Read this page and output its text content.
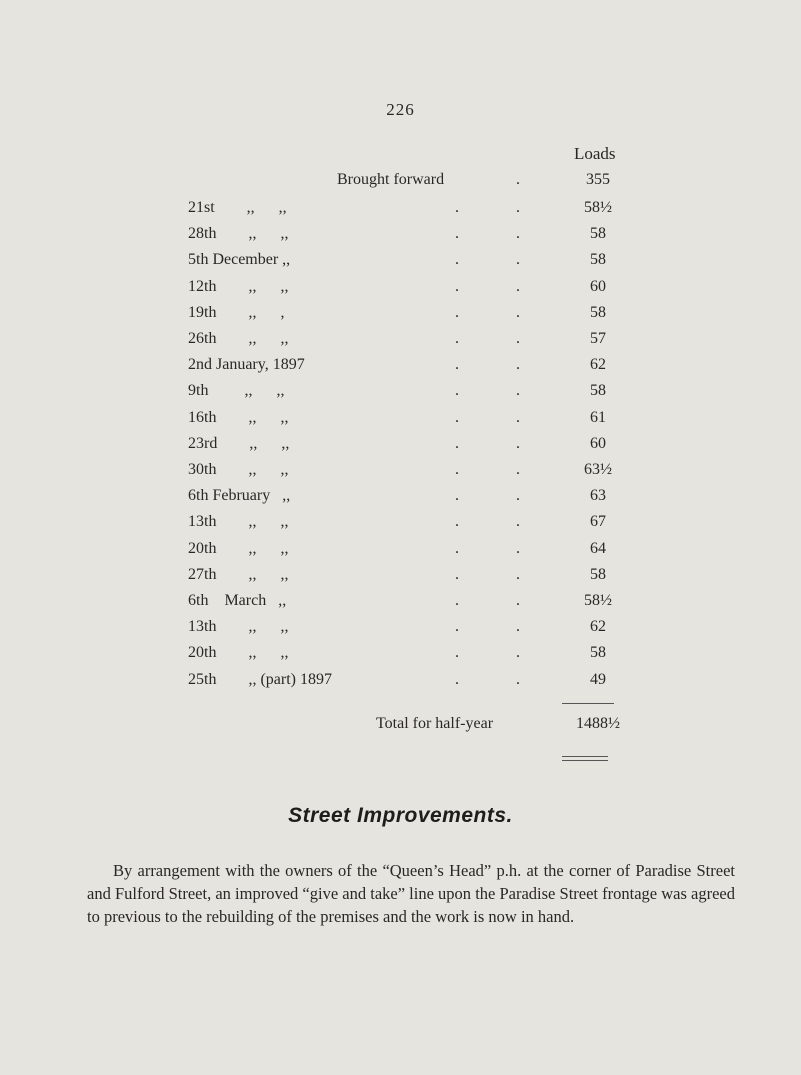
226
Loads
Brought forward	.	355
21st        ,,      ,,	.	.	58½
28th        ,,      ,,	.	.	58
5th December ,,	.	.	58
12th        ,,      ,,	.	.	60
19th        ,,      ,	.	.	58
26th        ,,      ,,	.	.	57
2nd January, 1897	.	.	62
9th         ,,      ,,	.	.	58
16th        ,,      ,,	.	.	61
23rd        ,,      ,,	.	.	60
30th        ,,      ,,	.	.	63½
6th February   ,,	.	.	63
13th        ,,      ,,	.	.	67
20th        ,,      ,,	.	.	64
27th        ,,      ,,	.	.	58
6th    March   ,,	.	.	58½
13th        ,,      ,,	.	.	62
20th        ,,      ,,	.	.	58
25th        ,, (part) 1897	.	.	49
Total for half-year	1488½
Street Improvements.
By arrangement with the owners of the “Queen’s Head” p.h. at the corner of Paradise Street and Fulford Street, an improved “give and take” line upon the Paradise Street frontage was agreed to previous to the rebuilding of the premises and the work is now in hand.
